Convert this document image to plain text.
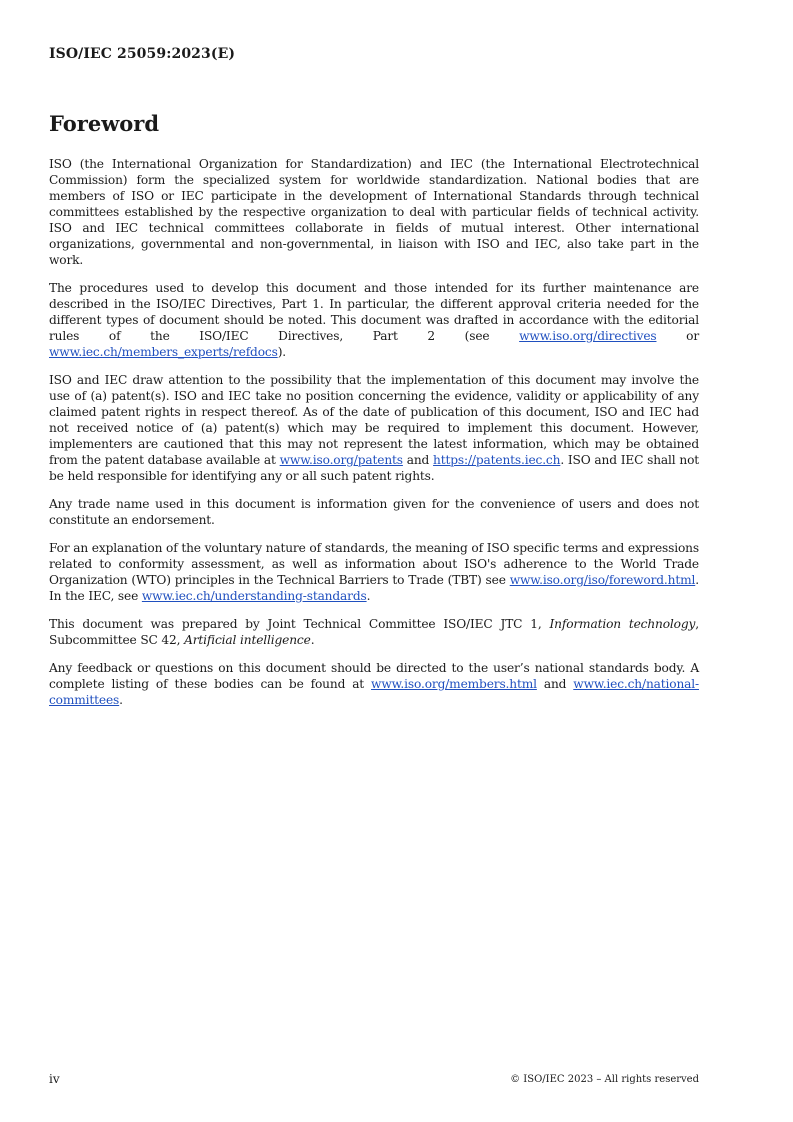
ISO/IEC 25059:2023(E)
Foreword

ISO (the International Organization for Standardization) and IEC (the International Electrotechnical Commission) form the specialized system for worldwide standardization. National bodies that are members of ISO or IEC participate in the development of International Standards through technical committees established by the respective organization to deal with particular fields of technical activity. ISO and IEC technical committees collaborate in fields of mutual interest. Other international organizations, governmental and non-governmental, in liaison with ISO and IEC, also take part in the work.

The procedures used to develop this document and those intended for its further maintenance are described in the ISO/IEC Directives, Part 1. In particular, the different approval criteria needed for the different types of document should be noted. This document was drafted in accordance with the editorial rules of the ISO/IEC Directives, Part 2 (see www.iso.org/directives or www.iec.ch/members_experts/refdocs).

ISO and IEC draw attention to the possibility that the implementation of this document may involve the use of (a) patent(s). ISO and IEC take no position concerning the evidence, validity or applicability of any claimed patent rights in respect thereof. As of the date of publication of this document, ISO and IEC had not received notice of (a) patent(s) which may be required to implement this document. However, implementers are cautioned that this may not represent the latest information, which may be obtained from the patent database available at www.iso.org/patents and https://patents.iec.ch. ISO and IEC shall not be held responsible for identifying any or all such patent rights.

Any trade name used in this document is information given for the convenience of users and does not constitute an endorsement.

For an explanation of the voluntary nature of standards, the meaning of ISO specific terms and expressions related to conformity assessment, as well as information about ISO's adherence to the World Trade Organization (WTO) principles in the Technical Barriers to Trade (TBT) see www.iso.org/iso/foreword.html. In the IEC, see www.iec.ch/understanding-standards.

This document was prepared by Joint Technical Committee ISO/IEC JTC 1, Information technology, Subcommittee SC 42, Artificial intelligence.

Any feedback or questions on this document should be directed to the user’s national standards body. A complete listing of these bodies can be found at www.iso.org/members.html and www.iec.ch/national-committees.

iv	© ISO/IEC 2023 – All rights reserved
